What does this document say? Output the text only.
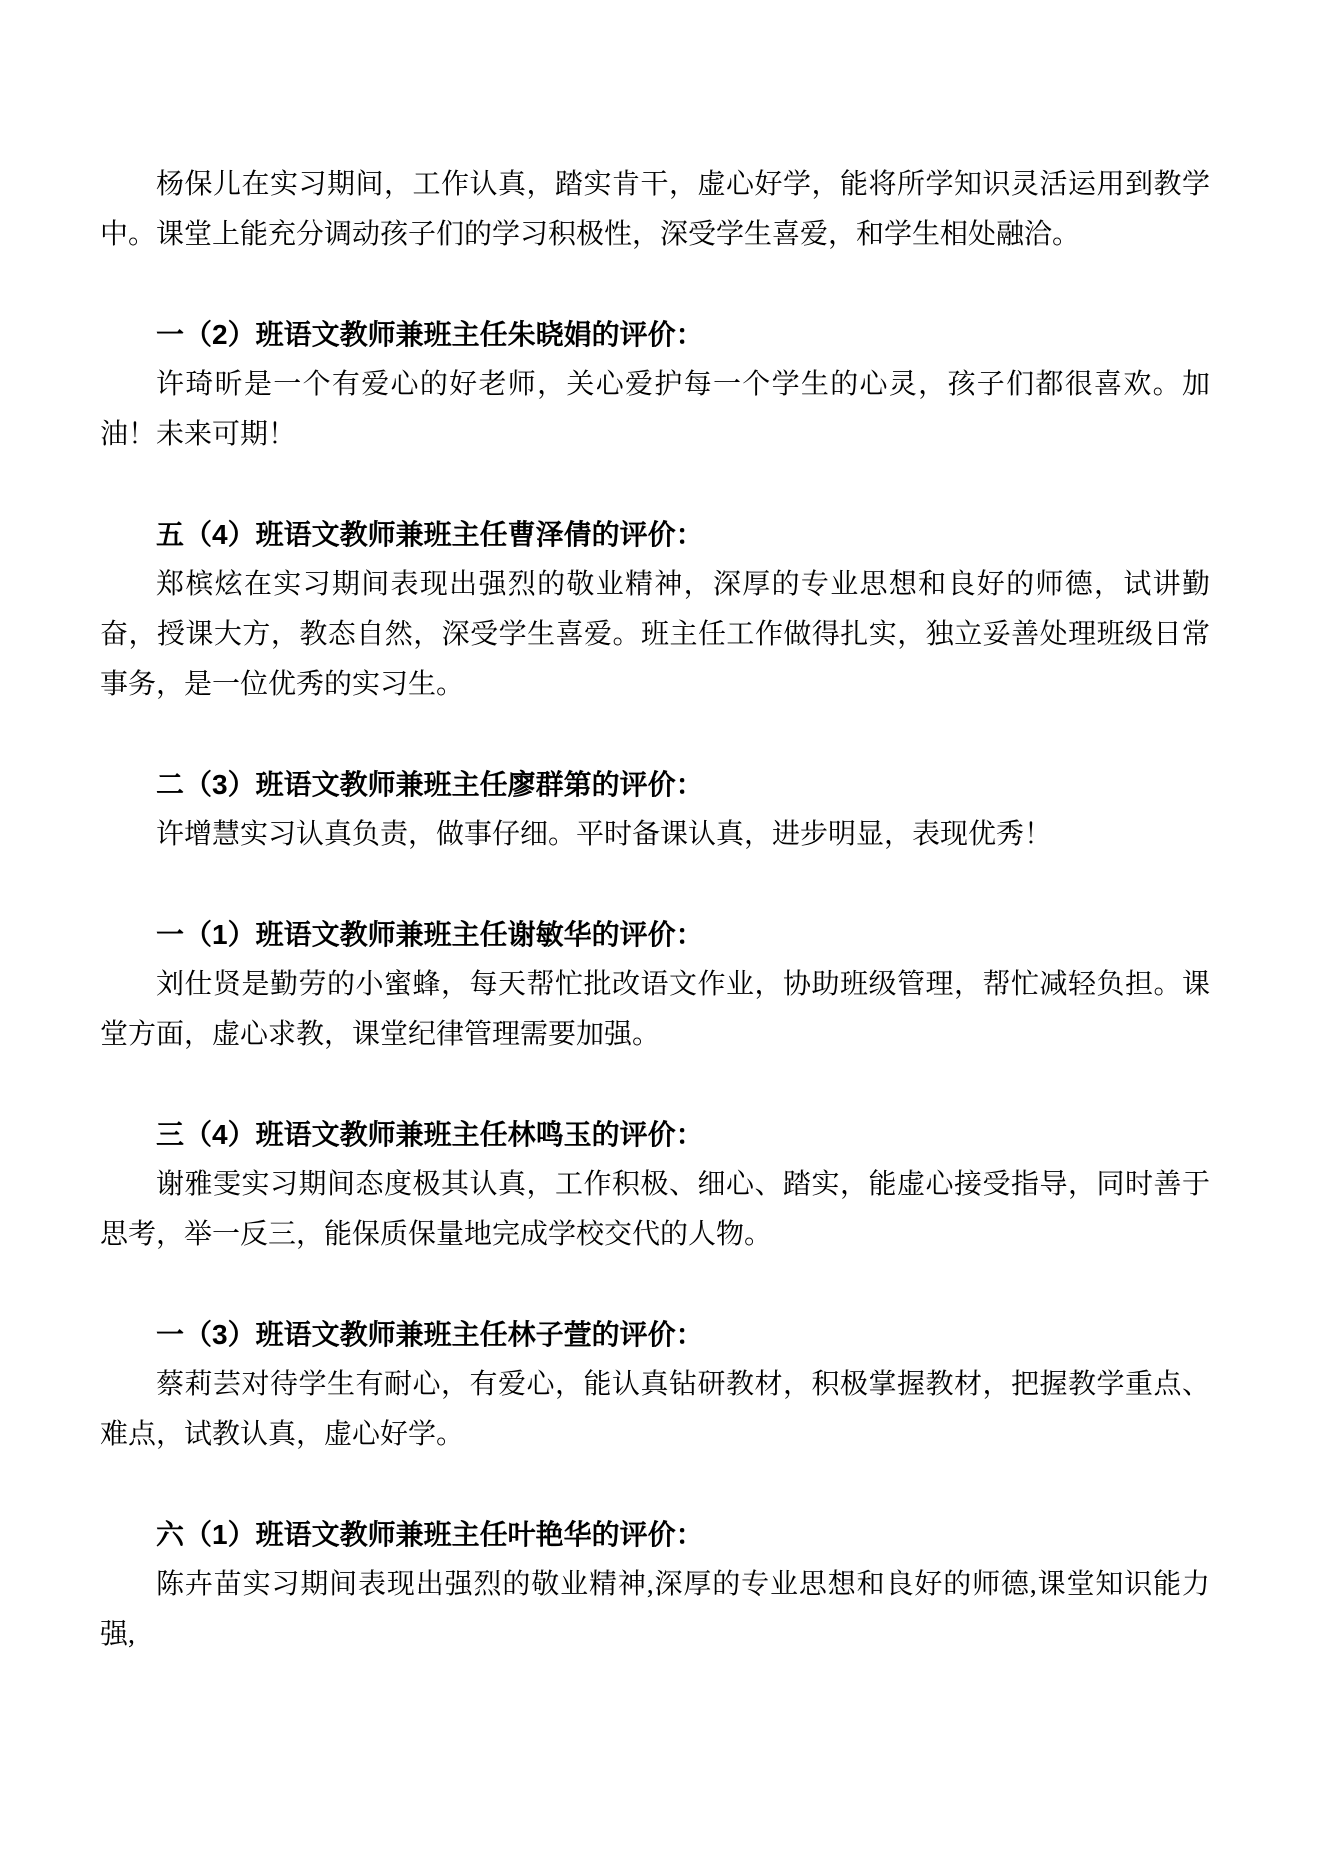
杨保儿在实习期间，工作认真，踏实肯干，虚心好学，能将所学知识灵活运用到教学中。课堂上能充分调动孩子们的学习积极性，深受学生喜爱，和学生相处融洽。

一（2）班语文教师兼班主任朱晓娟的评价：

许琦昕是一个有爱心的好老师，关心爱护每一个学生的心灵，孩子们都很喜欢。加油！未来可期！

五（4）班语文教师兼班主任曹泽倩的评价：

郑槟炫在实习期间表现出强烈的敬业精神，深厚的专业思想和良好的师德，试讲勤奋，授课大方，教态自然，深受学生喜爱。班主任工作做得扎实，独立妥善处理班级日常事务，是一位优秀的实习生。

二（3）班语文教师兼班主任廖群第的评价：

许增慧实习认真负责，做事仔细。平时备课认真，进步明显，表现优秀！

一（1）班语文教师兼班主任谢敏华的评价：

刘仕贤是勤劳的小蜜蜂，每天帮忙批改语文作业，协助班级管理，帮忙减轻负担。课堂方面，虚心求教，课堂纪律管理需要加强。

三（4）班语文教师兼班主任林鸣玉的评价：

谢雅雯实习期间态度极其认真，工作积极、细心、踏实，能虚心接受指导，同时善于思考，举一反三，能保质保量地完成学校交代的人物。

一（3）班语文教师兼班主任林子萱的评价：

蔡莉芸对待学生有耐心，有爱心，能认真钻研教材，积极掌握教材，把握教学重点、难点，试教认真，虚心好学。

六（1）班语文教师兼班主任叶艳华的评价：

陈卉苗实习期间表现出强烈的敬业精神,深厚的专业思想和良好的师德,课堂知识能力强,
